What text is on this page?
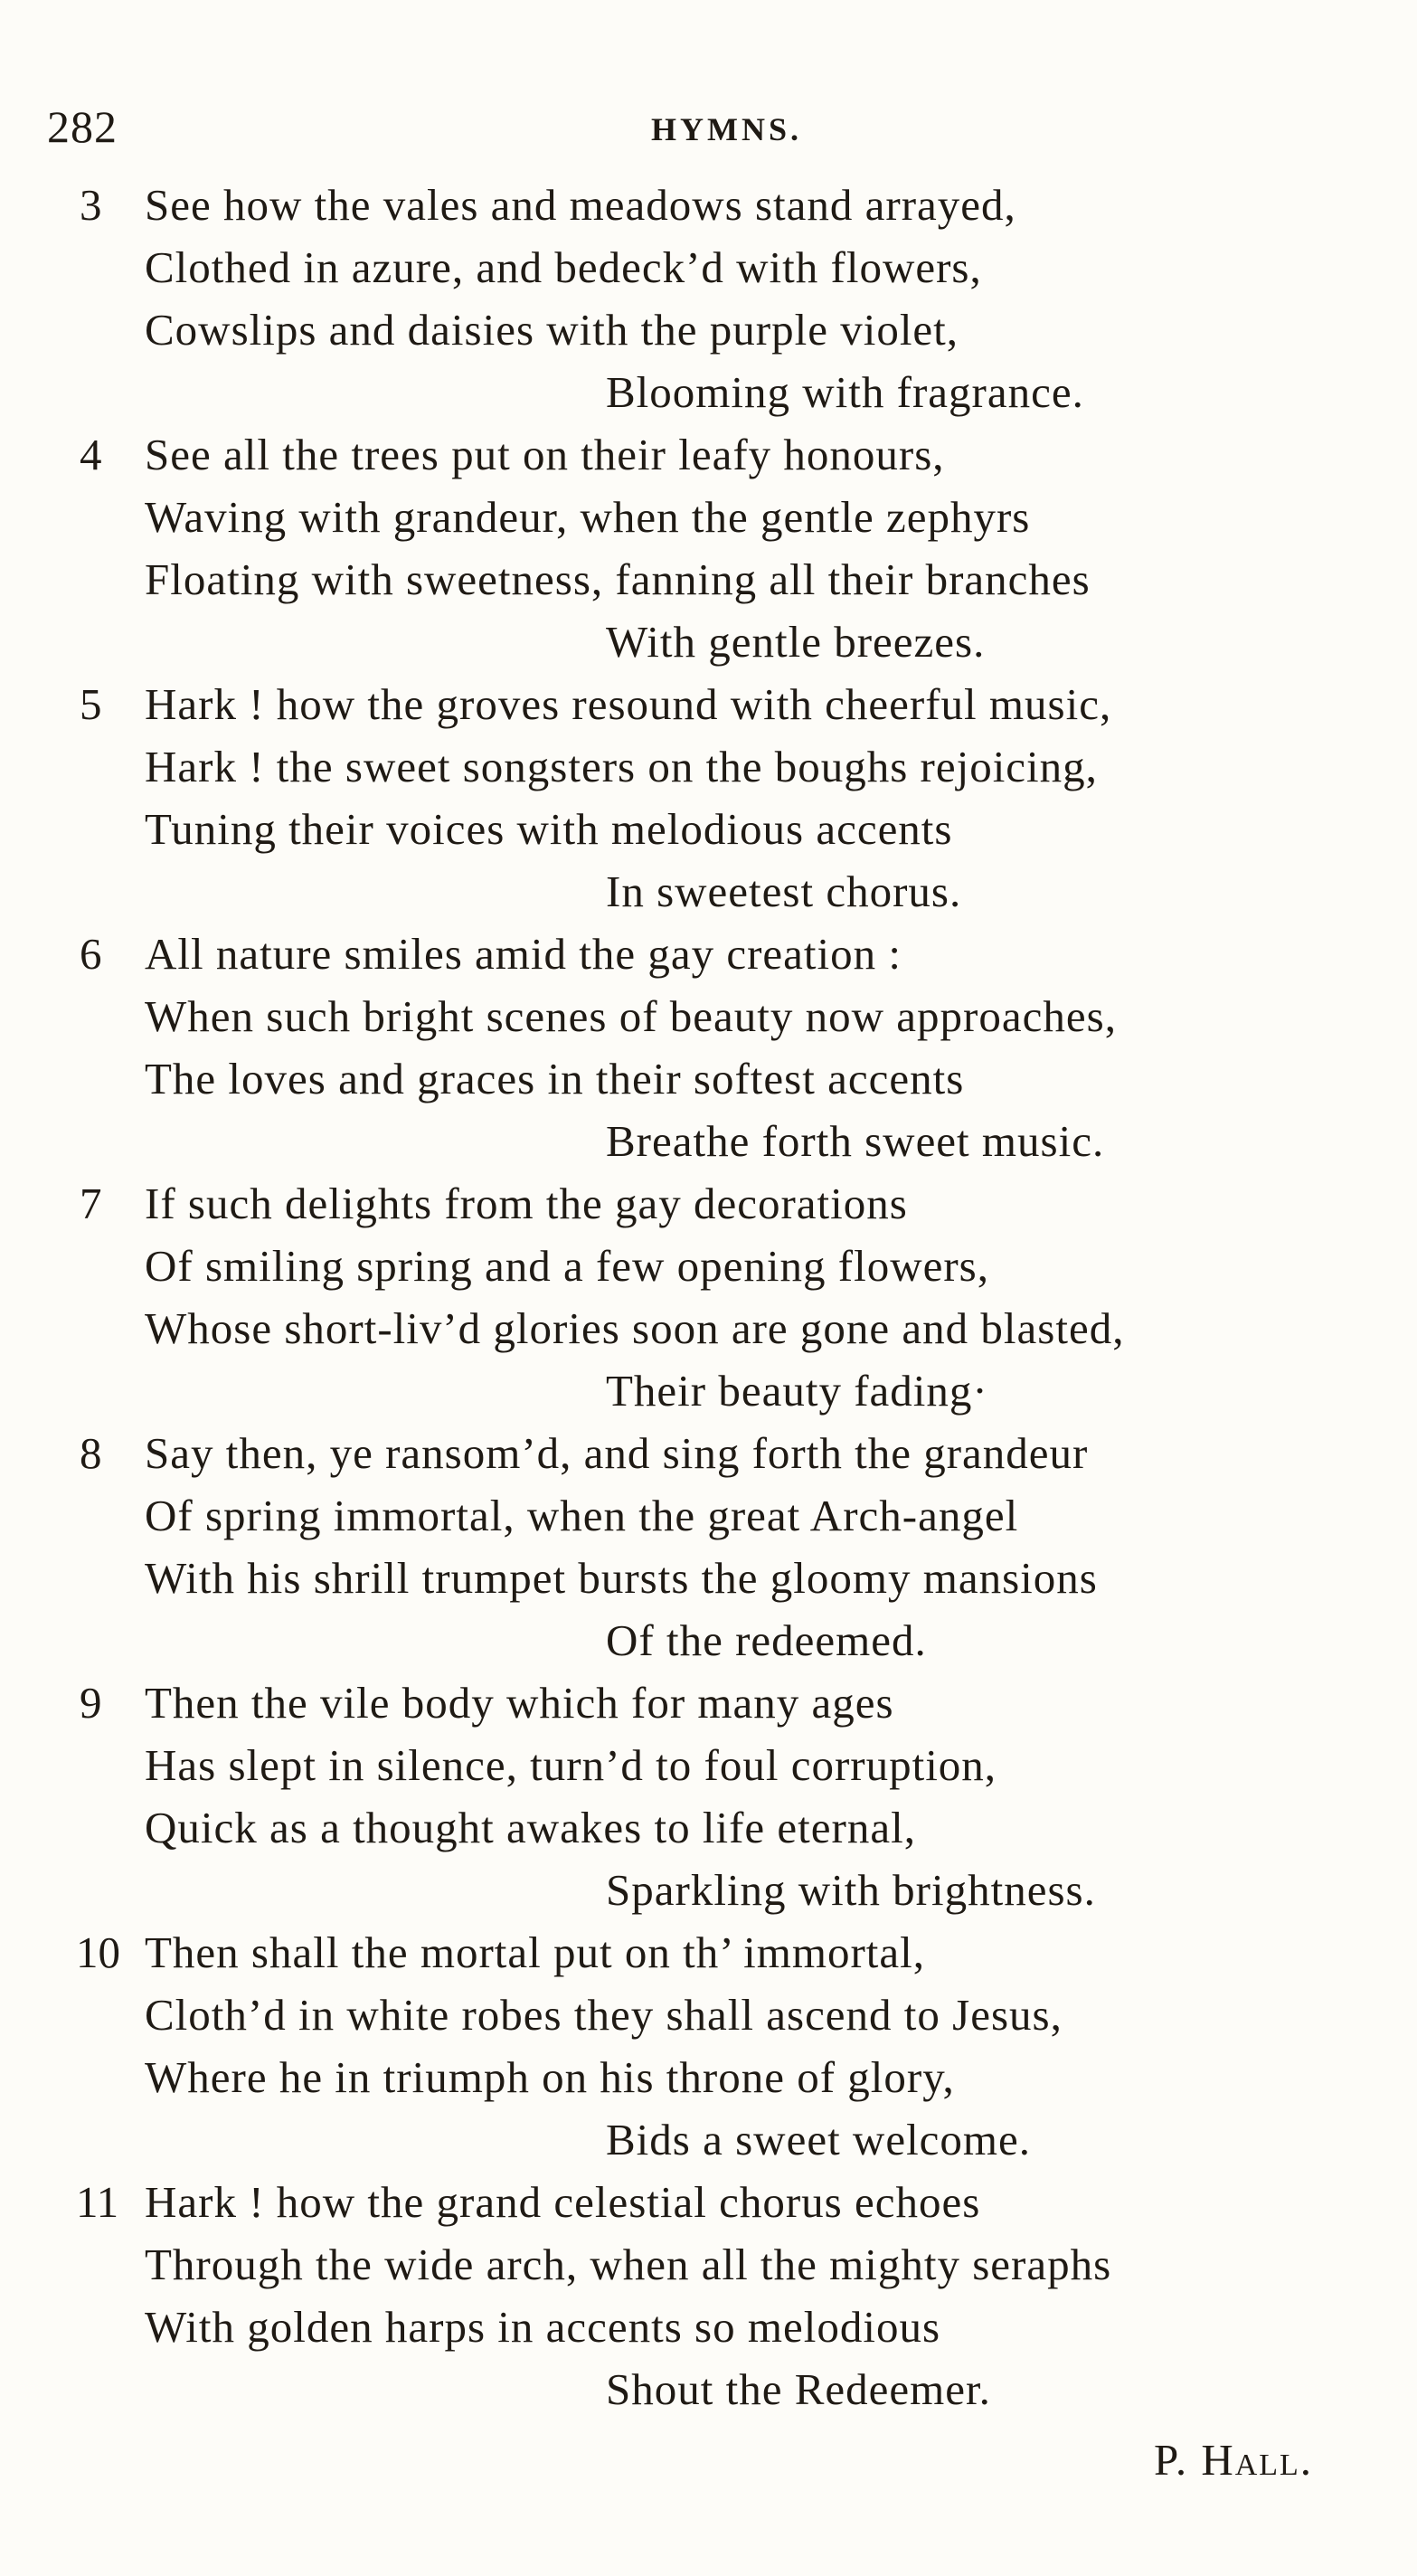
282	HYMNS.
3 See how the vales and meadows stand arrayed,
Clothed in azure, and bedeck’d with flowers,
Cowslips and daisies with the purple violet,
Blooming with fragrance.
4 See all the trees put on their leafy honours,
Waving with grandeur, when the gentle zephyrs
Floating with sweetness, fanning all their branches
With gentle breezes.
5 Hark ! how the groves resound with cheerful music,
Hark ! the sweet songsters on the boughs rejoicing,
Tuning their voices with melodious accents
In sweetest chorus.
6 All nature smiles amid the gay creation :
When such bright scenes of beauty now approaches,
The loves and graces in their softest accents
Breathe forth sweet music.
7 If such delights from the gay decorations
Of smiling spring and a few opening flowers,
Whose short-liv’d glories soon are gone and blasted,
Their beauty fading·
8 Say then, ye ransom’d, and sing forth the grandeur
Of spring immortal, when the great Arch-angel
With his shrill trumpet bursts the gloomy mansions
Of the redeemed.
9 Then the vile body which for many ages
Has slept in silence, turn’d to foul corruption,
Quick as a thought awakes to life eternal,
Sparkling with brightness.
10 Then shall the mortal put on th’ immortal,
Cloth’d in white robes they shall ascend to Jesus,
Where he in triumph on his throne of glory,
Bids a sweet welcome.
11 Hark ! how the grand celestial chorus echoes
Through the wide arch, when all the mighty seraphs
With golden harps in accents so melodious
Shout the Redeemer.
P. Hall.
